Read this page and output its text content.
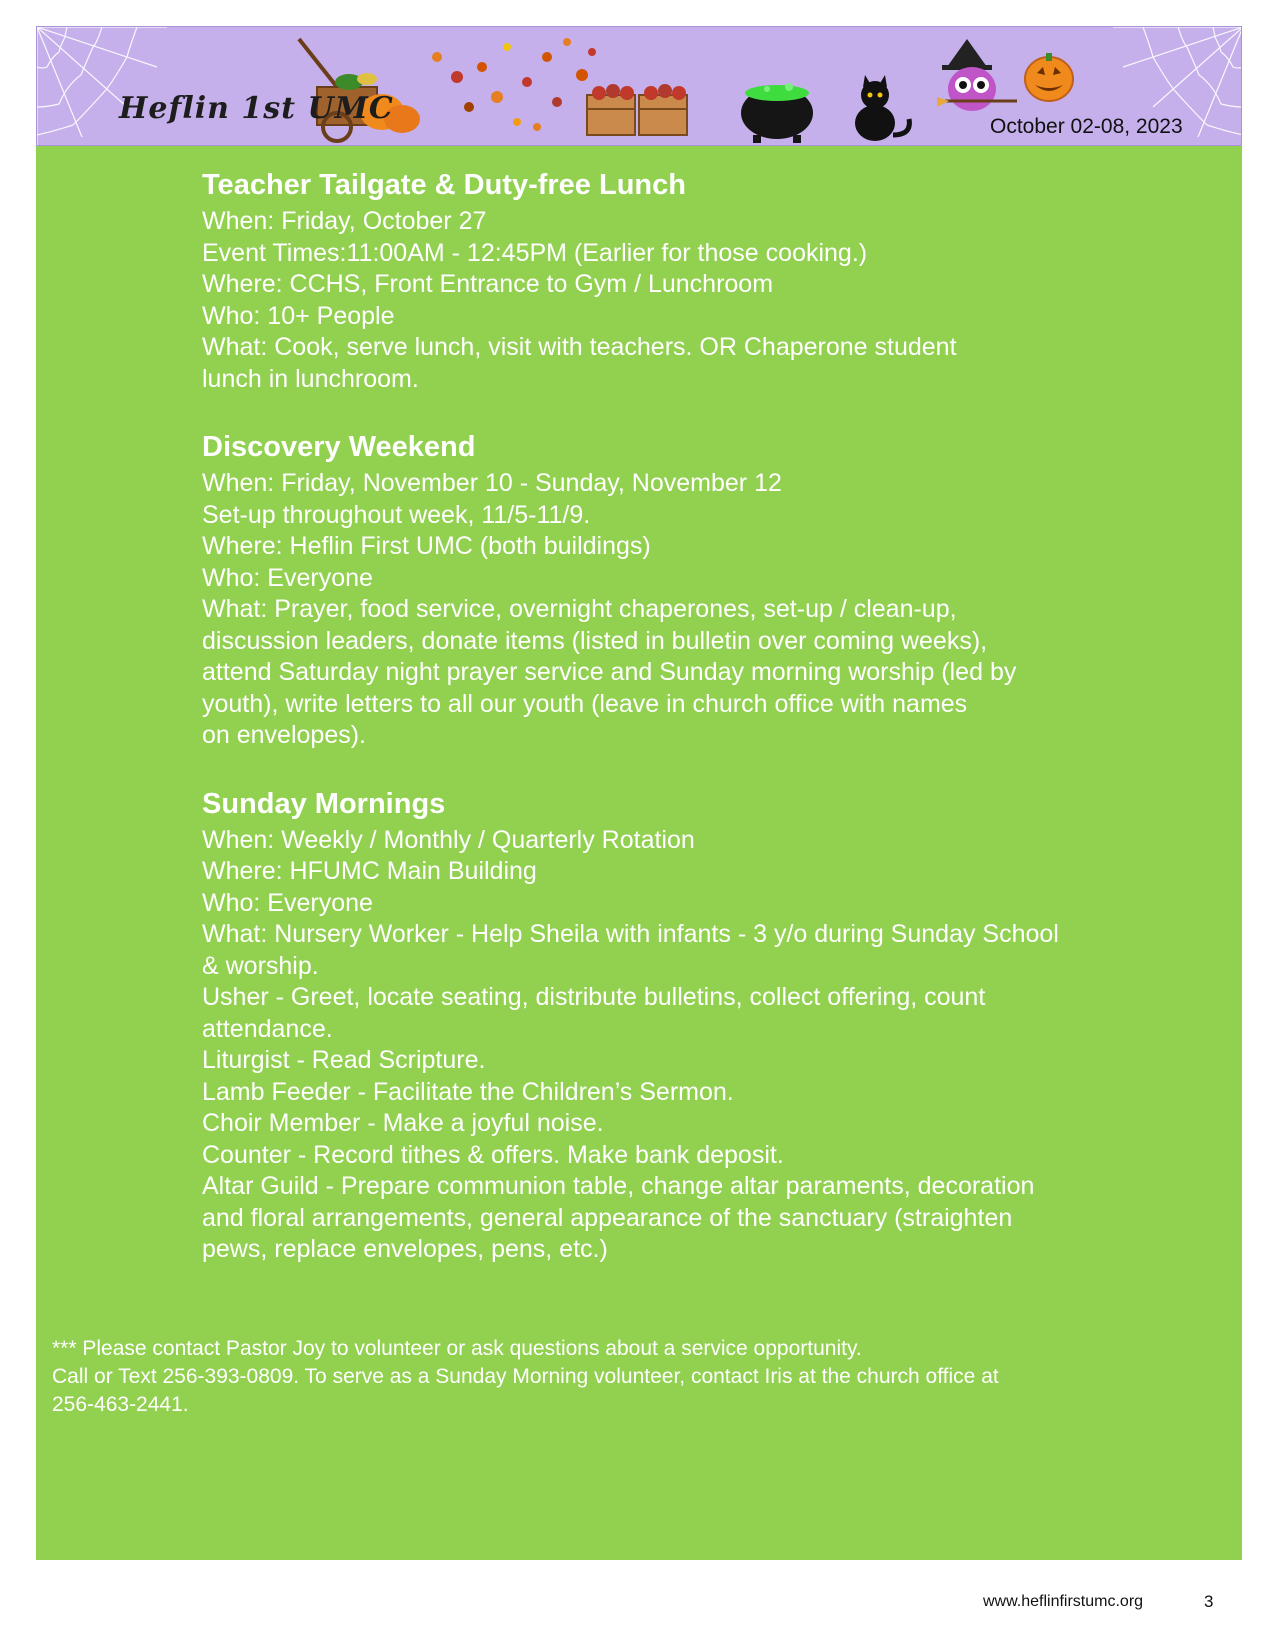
Heflin 1st UMC
October 02-08, 2023
Teacher Tailgate & Duty-free Lunch
When: Friday, October 27
Event Times:11:00AM - 12:45PM (Earlier for those cooking.)
Where: CCHS, Front Entrance to Gym / Lunchroom
Who: 10+ People
What: Cook, serve lunch, visit with teachers. OR Chaperone student
lunch in lunchroom.
Discovery Weekend
When: Friday, November 10 - Sunday, November 12
Set-up throughout week, 11/5-11/9.
Where: Heflin First UMC (both buildings)
Who: Everyone
What: Prayer, food service, overnight chaperones, set-up / clean-up,
discussion leaders, donate items (listed in bulletin over coming weeks),
attend Saturday night prayer service and Sunday morning worship (led by
youth), write letters to all our youth (leave in church office with names
on envelopes).
Sunday Mornings
When: Weekly / Monthly / Quarterly Rotation
Where: HFUMC Main Building
Who: Everyone
What: Nursery Worker - Help Sheila with infants - 3 y/o during Sunday School
& worship.
Usher - Greet, locate seating, distribute bulletins, collect offering, count
attendance.
Liturgist - Read Scripture.
Lamb Feeder - Facilitate the Children’s Sermon.
Choir Member - Make a joyful noise.
Counter - Record tithes & offers. Make bank deposit.
Altar Guild - Prepare communion table, change altar paraments, decoration
and floral arrangements, general appearance of the sanctuary (straighten
pews, replace envelopes, pens, etc.)
*** Please contact Pastor Joy to volunteer or ask questions about a service opportunity.
Call or Text 256-393-0809. To serve as a Sunday Morning volunteer, contact Iris at the church office at
256-463-2441.
www.heflinfirstumc.org	3
